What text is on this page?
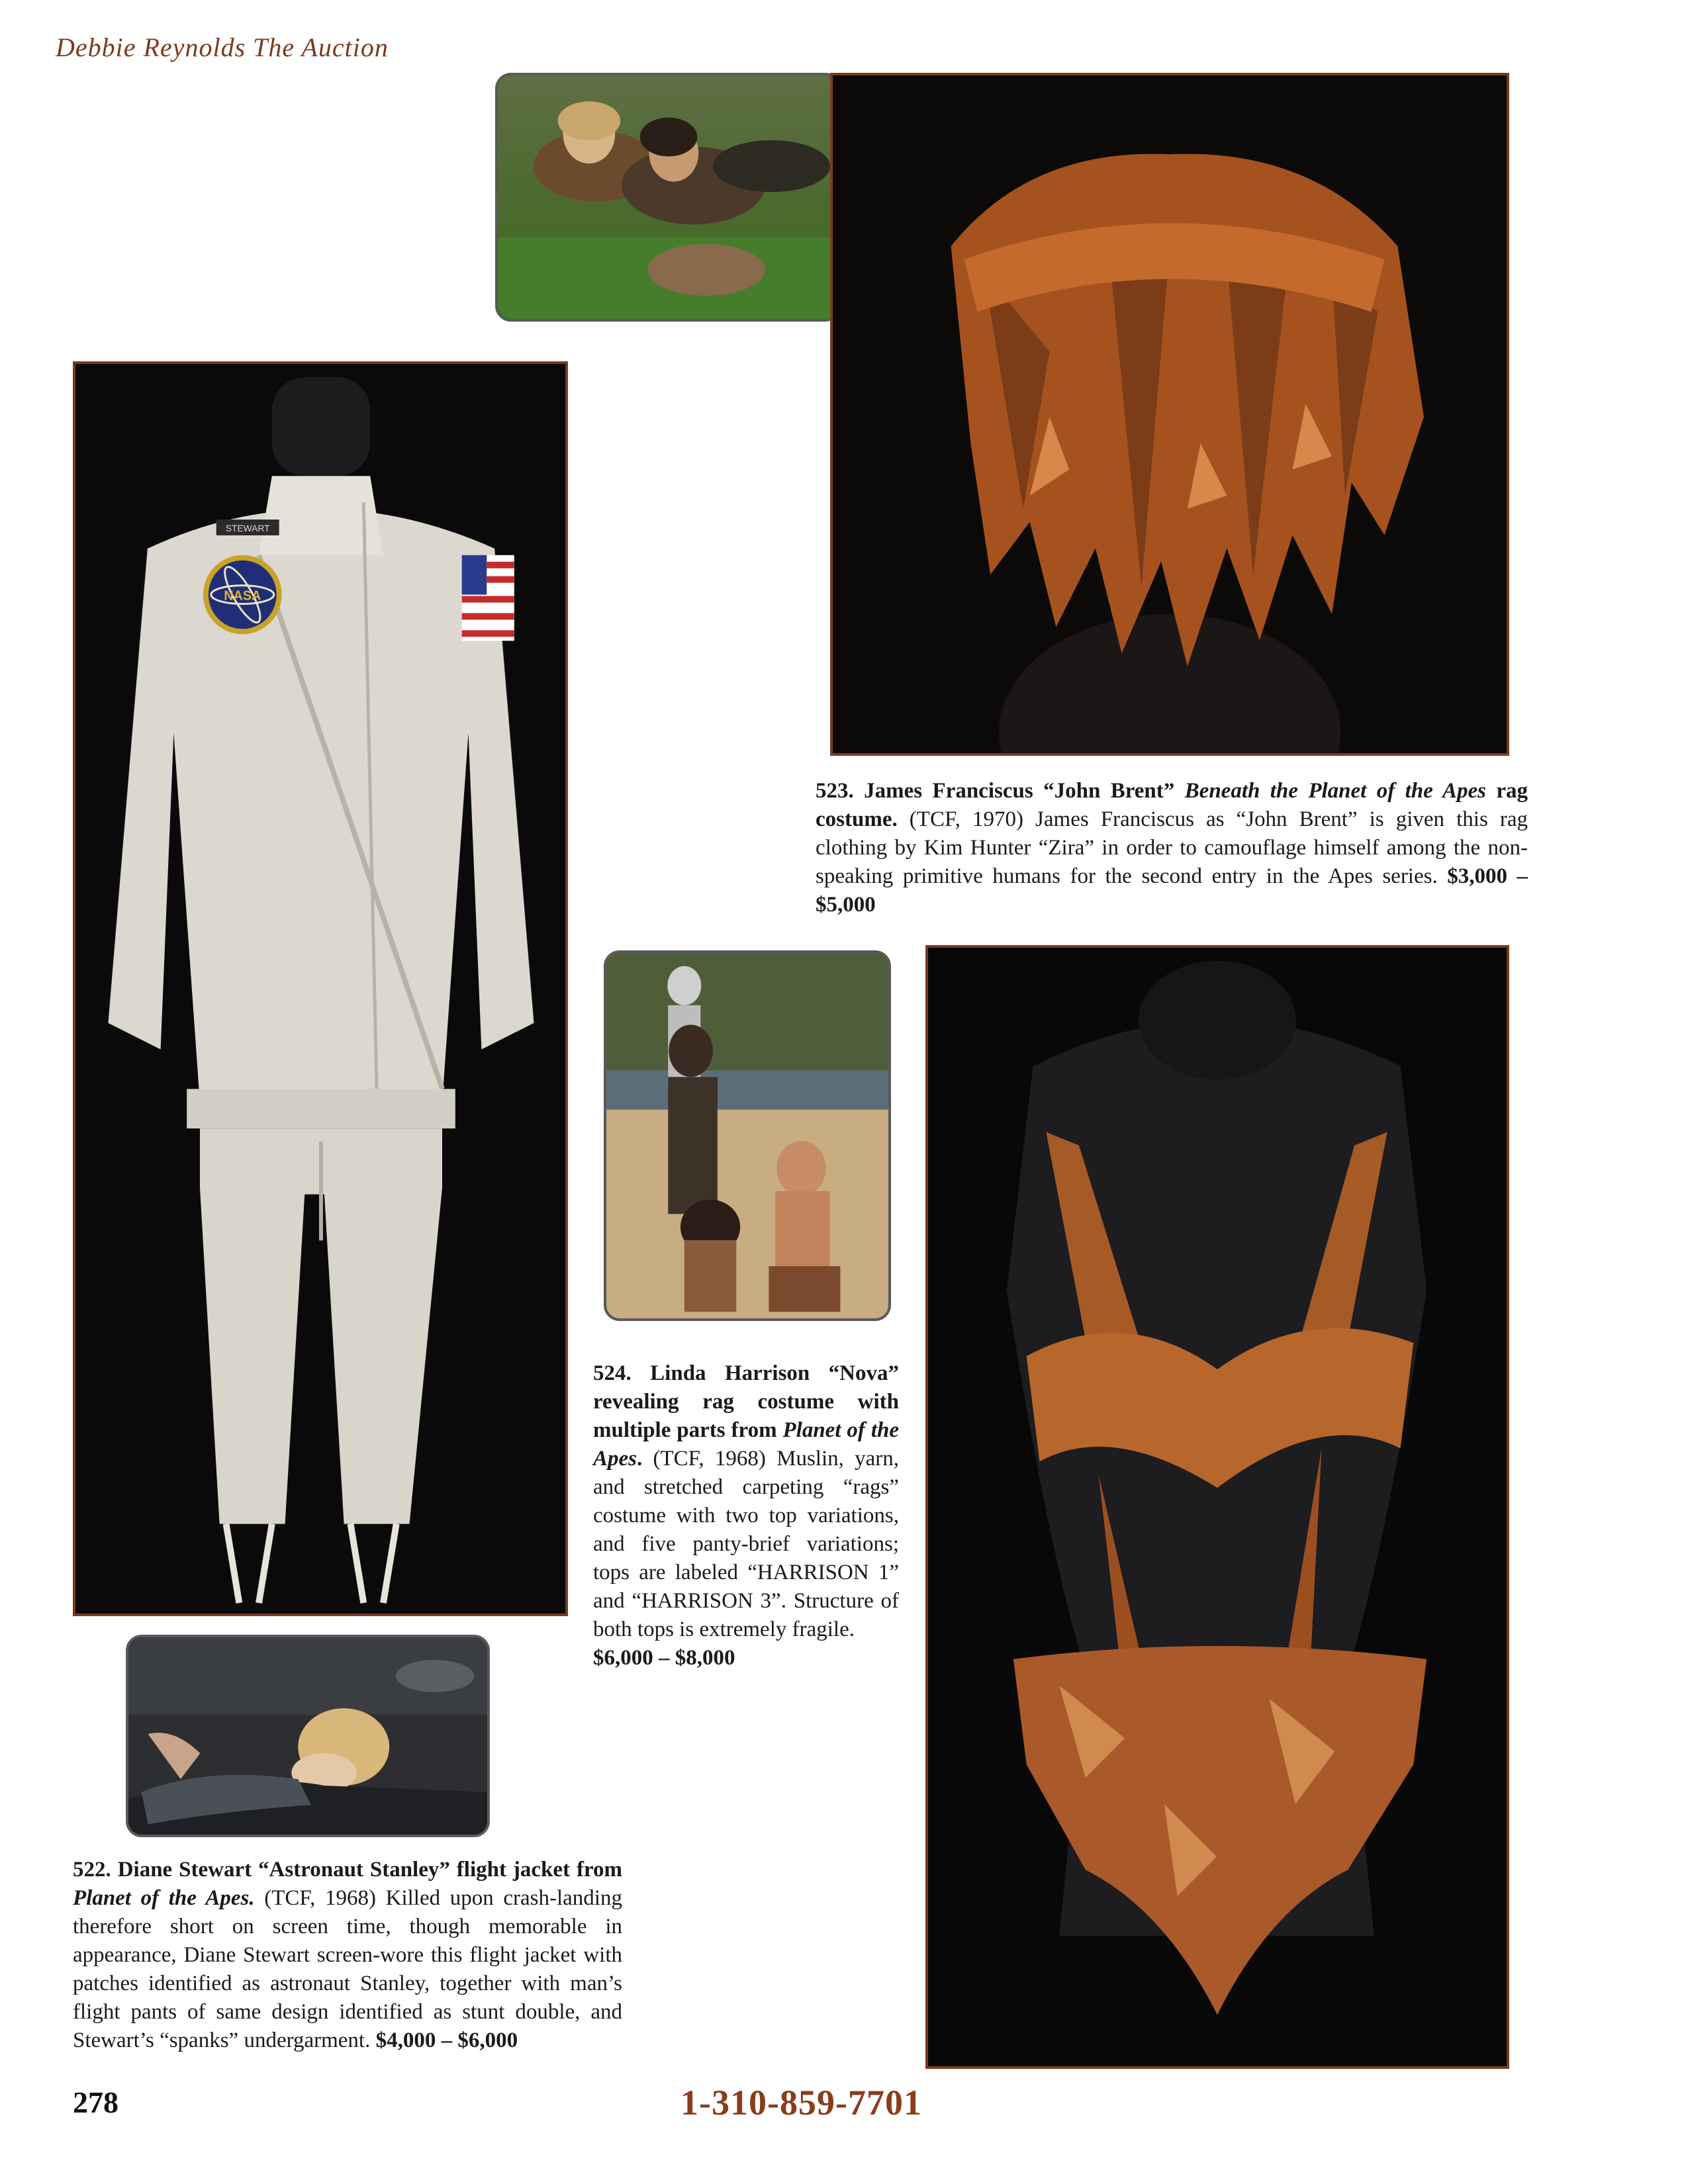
Debbie Reynolds The Auction
STEWART
NASA
522. Diane Stewart “Astronaut Stanley” flight jacket from Planet of the Apes. (TCF, 1968) Killed upon crash-landing therefore short on screen time, though memorable in appearance, Diane Stewart screen-wore this flight jacket with patches identified as astronaut Stanley, together with man’s flight pants of same design identified as stunt double, and Stewart’s “spanks” undergarment. $4,000 – $6,000
523. James Franciscus “John Brent” Beneath the Planet of the Apes rag costume. (TCF, 1970) James Franciscus as “John Brent” is given this rag clothing by Kim Hunter “Zira” in order to camouflage himself among the non-speaking primitive humans for the second entry in the Apes series. $3,000 – $5,000
524. Linda Harrison “Nova” revealing rag costume with multiple parts from Planet of the Apes. (TCF, 1968) Muslin, yarn, and stretched carpeting “rags” costume with two top variations, and five panty-brief variations; tops are labeled “HARRISON 1” and “HARRISON 3”. Structure of both tops is extremely fragile.
$6,000 – $8,000
278	1-310-859-7701
